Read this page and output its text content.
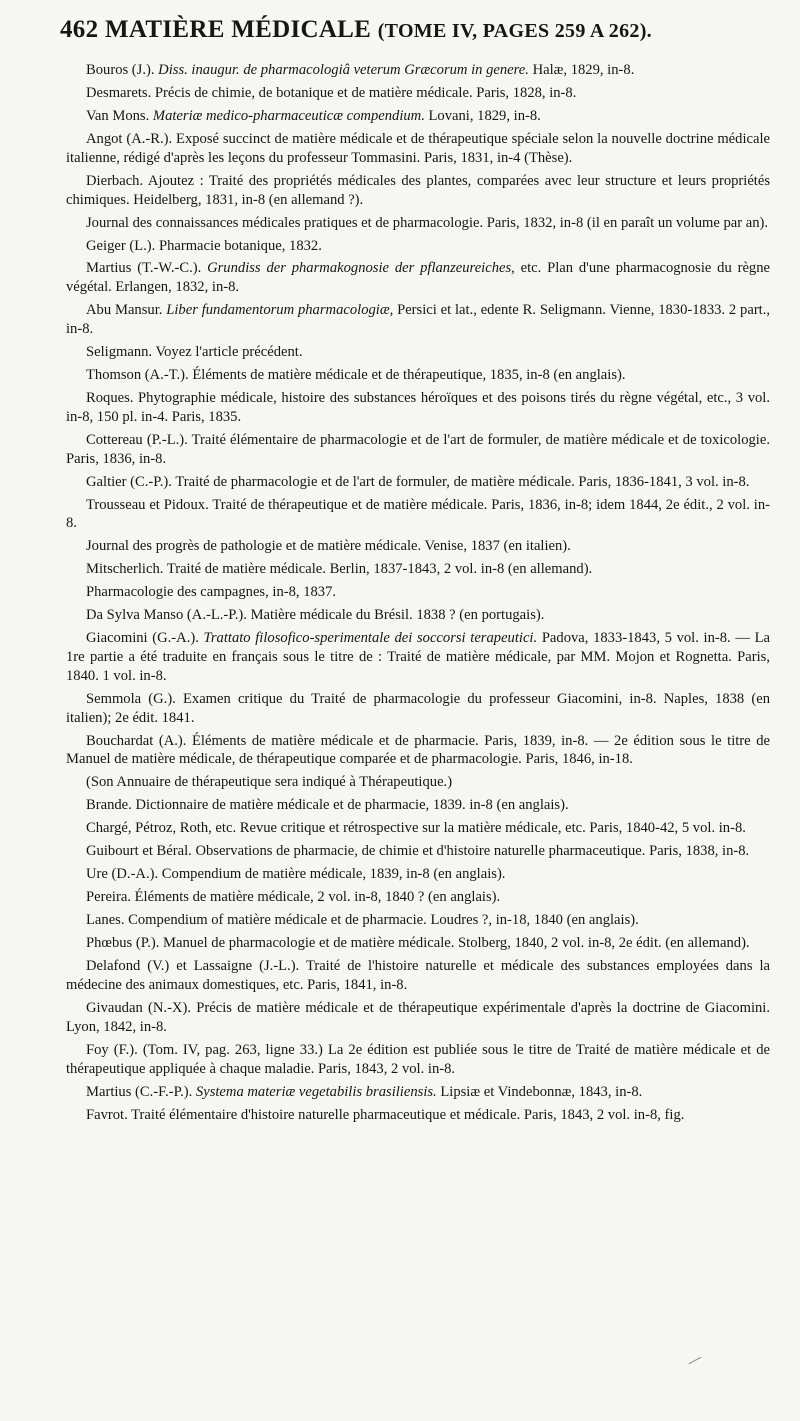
462 MATIÈRE MÉDICALE (TOME IV, PAGES 259 A 262).

Bouros (J.). Diss. inaugur. de pharmacologiâ veterum Græcorum in genere. Halæ, 1829, in-8.

Desmarets. Précis de chimie, de botanique et de matière médicale. Paris, 1828, in-8.

Van Mons. Materiæ medico-pharmaceuticæ compendium. Lovani, 1829, in-8.

Angot (A.-R.). Exposé succinct de matière médicale et de thérapeutique spéciale selon la nouvelle doctrine médicale italienne, rédigé d'après les leçons du professeur Tommasini. Paris, 1831, in-4 (Thèse).

Dierbach. Ajoutez : Traité des propriétés médicales des plantes, comparées avec leur structure et leurs propriétés chimiques. Heidelberg, 1831, in-8 (en allemand ?).

Journal des connaissances médicales pratiques et de pharmacologie. Paris, 1832, in-8 (il en paraît un volume par an).

Geiger (L.). Pharmacie botanique, 1832.

Martius (T.-W.-C.). Grundiss der pharmakognosie der pflanzeureiches, etc. Plan d'une pharmacognosie du règne végétal. Erlangen, 1832, in-8.

Abu Mansur. Liber fundamentorum pharmacologiæ, Persici et lat., edente R. Seligmann. Vienne, 1830-1833. 2 part., in-8.

Seligmann. Voyez l'article précédent.

Thomson (A.-T.). Éléments de matière médicale et de thérapeutique, 1835, in-8 (en anglais).

Roques. Phytographie médicale, histoire des substances héroïques et des poisons tirés du règne végétal, etc., 3 vol. in-8, 150 pl. in-4. Paris, 1835.

Cottereau (P.-L.). Traité élémentaire de pharmacologie et de l'art de formuler, de matière médicale et de toxicologie. Paris, 1836, in-8.

Galtier (C.-P.). Traité de pharmacologie et de l'art de formuler, de matière médicale. Paris, 1836-1841, 3 vol. in-8.

Trousseau et Pidoux. Traité de thérapeutique et de matière médicale. Paris, 1836, in-8; idem 1844, 2e édit., 2 vol. in-8.

Journal des progrès de pathologie et de matière médicale. Venise, 1837 (en italien).

Mitscherlich. Traité de matière médicale. Berlin, 1837-1843, 2 vol. in-8 (en allemand).

Pharmacologie des campagnes, in-8, 1837.

Da Sylva Manso (A.-L.-P.). Matière médicale du Brésil. 1838 ? (en portugais).

Giacomini (G.-A.). Trattato filosofico-sperimentale dei soccorsi terapeutici. Padova, 1833-1843, 5 vol. in-8. — La 1re partie a été traduite en français sous le titre de : Traité de matière médicale, par MM. Mojon et Rognetta. Paris, 1840. 1 vol. in-8.

Semmola (G.). Examen critique du Traité de pharmacologie du professeur Giacomini, in-8. Naples, 1838 (en italien); 2e édit. 1841.

Bouchardat (A.). Éléments de matière médicale et de pharmacie. Paris, 1839, in-8. — 2e édition sous le titre de Manuel de matière médicale, de thérapeutique comparée et de pharmacologie. Paris, 1846, in-18.

(Son Annuaire de thérapeutique sera indiqué à Thérapeutique.)

Brande. Dictionnaire de matière médicale et de pharmacie, 1839. in-8 (en anglais).

Chargé, Pétroz, Roth, etc. Revue critique et rétrospective sur la matière médicale, etc. Paris, 1840-42, 5 vol. in-8.

Guibourt et Béral. Observations de pharmacie, de chimie et d'histoire naturelle pharmaceutique. Paris, 1838, in-8.

Ure (D.-A.). Compendium de matière médicale, 1839, in-8 (en anglais).

Pereira. Éléments de matière médicale, 2 vol. in-8, 1840 ? (en anglais).

Lanes. Compendium of matière médicale et de pharmacie. Loudres ?, in-18, 1840 (en anglais).

Phœbus (P.). Manuel de pharmacologie et de matière médicale. Stolberg, 1840, 2 vol. in-8, 2e édit. (en allemand).

Delafond (V.) et Lassaigne (J.-L.). Traité de l'histoire naturelle et médicale des substances employées dans la médecine des animaux domestiques, etc. Paris, 1841, in-8.

Givaudan (N.-X). Précis de matière médicale et de thérapeutique expérimentale d'après la doctrine de Giacomini. Lyon, 1842, in-8.

Foy (F.). (Tom. IV, pag. 263, ligne 33.) La 2e édition est publiée sous le titre de Traité de matière médicale et de thérapeutique appliquée à chaque maladie. Paris, 1843, 2 vol. in-8.

Martius (C.-F.-P.). Systema materiæ vegetabilis brasiliensis. Lipsiæ et Vindebonnæ, 1843, in-8.

Favrot. Traité élémentaire d'histoire naturelle pharmaceutique et médicale. Paris, 1843, 2 vol. in-8, fig.
